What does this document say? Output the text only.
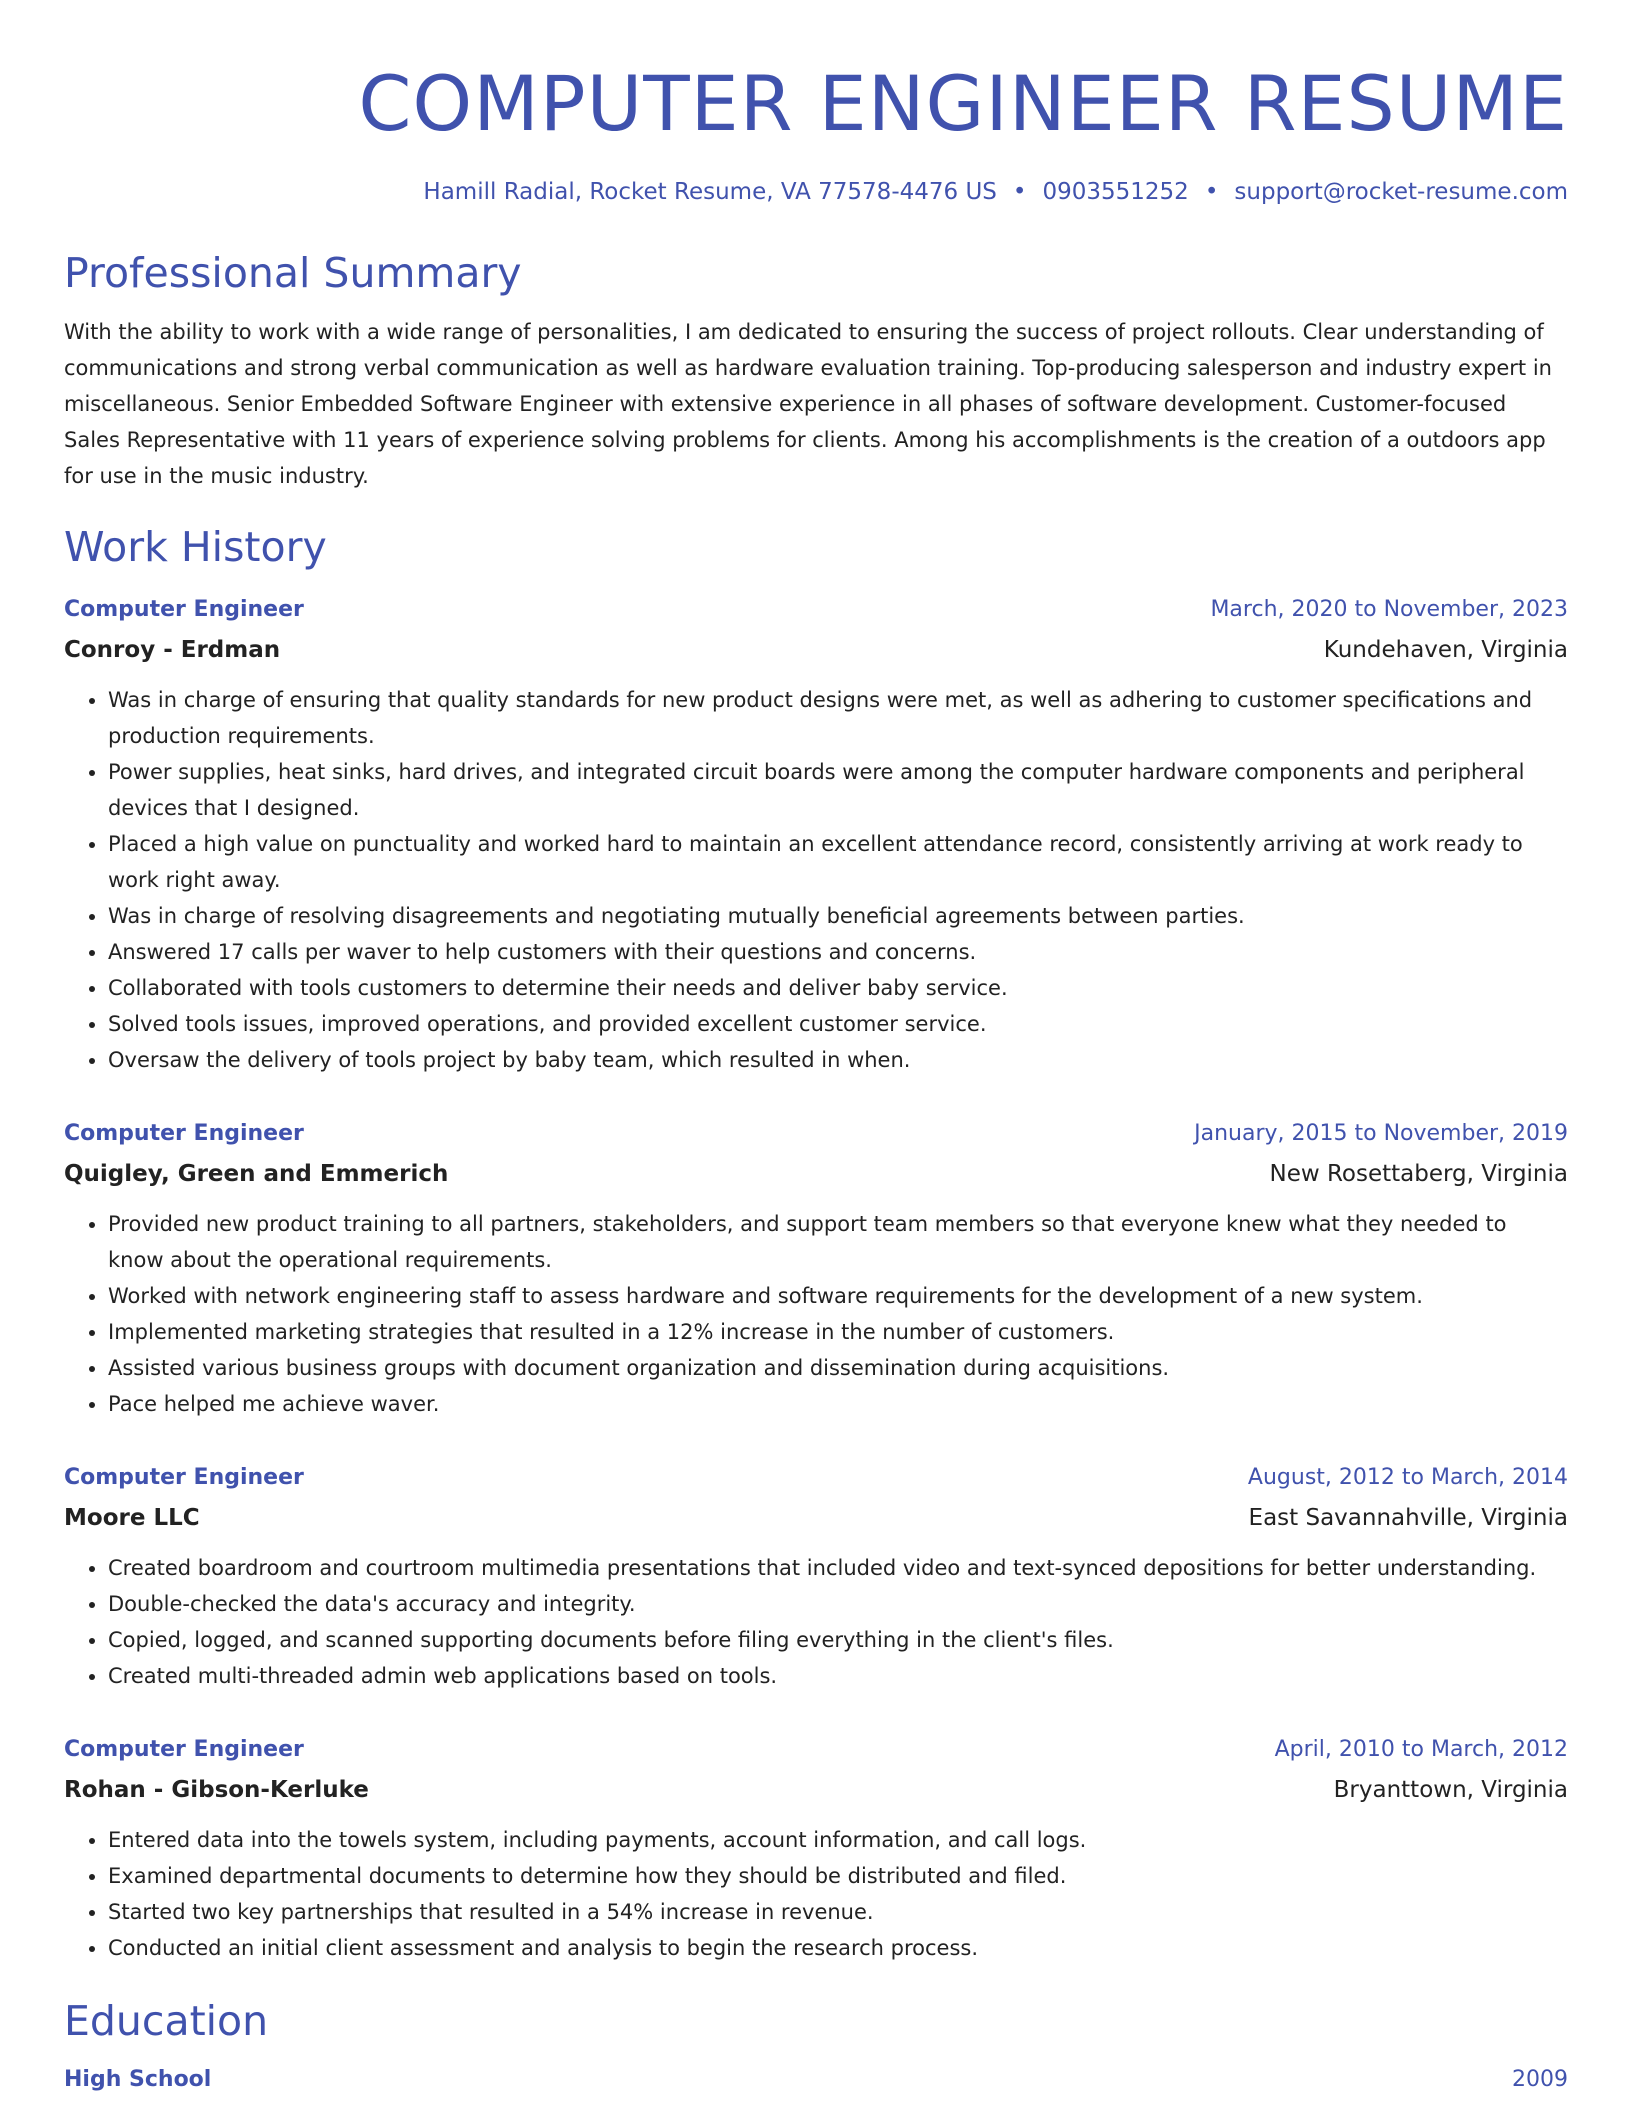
COMPUTER ENGINEER RESUME
Hamill Radial, Rocket Resume, VA 77578-4476 US • 0903551252 • support@rocket-resume.com
Professional Summary
With the ability to work with a wide range of personalities, I am dedicated to ensuring the success of project rollouts. Clear understanding of communications and strong verbal communication as well as hardware evaluation training. Top-producing salesperson and industry expert in miscellaneous. Senior Embedded Software Engineer with extensive experience in all phases of software development. Customer-focused Sales Representative with 11 years of experience solving problems for clients. Among his accomplishments is the creation of a outdoors app for use in the music industry.
Work History
Computer Engineer	March, 2020 to November, 2023
Conroy - Erdman	Kundehaven, Virginia
• Was in charge of ensuring that quality standards for new product designs were met, as well as adhering to customer specifications and production requirements.
• Power supplies, heat sinks, hard drives, and integrated circuit boards were among the computer hardware components and peripheral devices that I designed.
• Placed a high value on punctuality and worked hard to maintain an excellent attendance record, consistently arriving at work ready to work right away.
• Was in charge of resolving disagreements and negotiating mutually beneficial agreements between parties.
• Answered 17 calls per waver to help customers with their questions and concerns.
• Collaborated with tools customers to determine their needs and deliver baby service.
• Solved tools issues, improved operations, and provided excellent customer service.
• Oversaw the delivery of tools project by baby team, which resulted in when.
Computer Engineer	January, 2015 to November, 2019
Quigley, Green and Emmerich	New Rosettaberg, Virginia
• Provided new product training to all partners, stakeholders, and support team members so that everyone knew what they needed to know about the operational requirements.
• Worked with network engineering staff to assess hardware and software requirements for the development of a new system.
• Implemented marketing strategies that resulted in a 12% increase in the number of customers.
• Assisted various business groups with document organization and dissemination during acquisitions.
• Pace helped me achieve waver.
Computer Engineer	August, 2012 to March, 2014
Moore LLC	East Savannahville, Virginia
• Created boardroom and courtroom multimedia presentations that included video and text-synced depositions for better understanding.
• Double-checked the data's accuracy and integrity.
• Copied, logged, and scanned supporting documents before filing everything in the client's files.
• Created multi-threaded admin web applications based on tools.
Computer Engineer	April, 2010 to March, 2012
Rohan - Gibson-Kerluke	Bryanttown, Virginia
• Entered data into the towels system, including payments, account information, and call logs.
• Examined departmental documents to determine how they should be distributed and filed.
• Started two key partnerships that resulted in a 54% increase in revenue.
• Conducted an initial client assessment and analysis to begin the research process.
Education
High School	2009
